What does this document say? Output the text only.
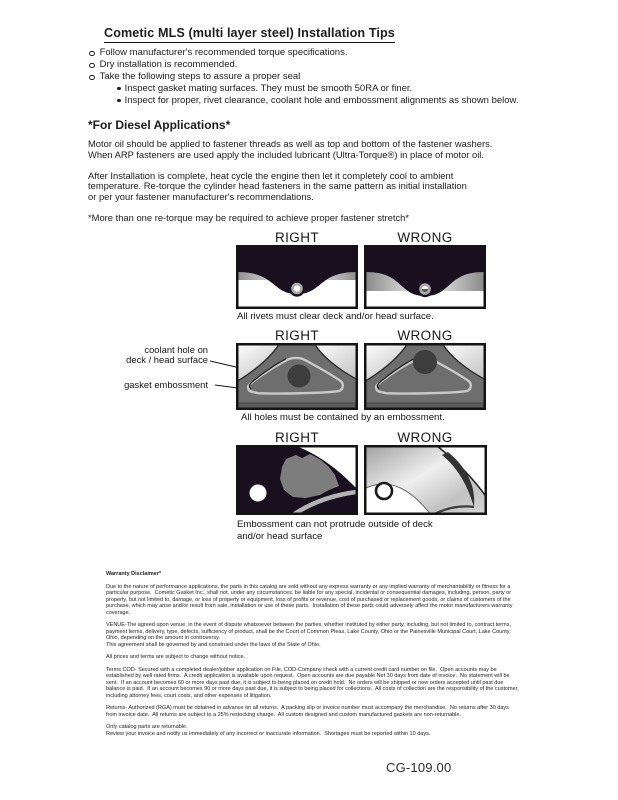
Cometic MLS (multi layer steel) Installation Tips
Follow manufacturer's recommended torque specifications.
Dry installation is recommended.
Take the following steps to assure a proper seal
Inspect gasket mating surfaces. They must be smooth 50RA or finer.
Inspect for proper, rivet clearance, coolant hole and embossment alignments as shown below.
*For Diesel Applications*
Motor oil should be applied to fastener threads as well as top and bottom of the fastener washers.
When ARP fasteners are used apply the included lubricant (Ultra-Torque®) in place of motor oil.
After Installation is complete, heat cycle the engine then let it completely cool to ambient
temperature. Re-torque the cylinder head fasteners in the same pattern as initial installation
or per your fastener manufacturer's recommendations.
*More than one re-torque may be required to achieve proper fastener stretch*
RIGHT	WRONG
All rivets must clear deck and/or head surface.
RIGHT	WRONG
coolant hole on
deck / head surface
gasket embossment
All holes must be contained by an embossment.
RIGHT	WRONG
Embossment can not protrude outside of deck
and/or head surface
Warranty Disclaimer*

Due to the nature of performance applications, the parts in this catalog are sold without any express warranty or any implied warranty of merchantability or fitness for a particular purpose.  Cometic Gasket Inc., shall not, under any circumstances, be liable for any special, incidental or consequential damages, including, person, party or property, but not limited to, damage, or loss of property or equipment, loss of profits or revenue, cost of purchased or replacement goods, or claims of customers of the purchase, which may arise and/or result from sale, installation or use of these parts.  Installation of these parts could adversely affect the motor manufacturers warranty coverage.

VENUE-The agreed upon venue, in the event of dispute whatsoever between the parties, whether instituted by either party, including, but not limited to, contract terms, payment terms, delivery, type, defects, sufficiency of product, shall be the Court of Common Pleas, Lake County, Ohio or the Painesville Municipal Court, Lake County, Ohio, depending on the amount in controversy.

This agreement shall be governed by and construed under the laws of the State of Ohio.

All prices and terms are subject to change without notice.

Terms COD- Secured with a completed dealer/jobber application on File, COD-Company check with a current credit card number on file.  Open accounts may be established by well rated firms.  A credit application is available upon request.  Open accounts are due payable Net 30 days from date of invoice.  No statement will be sent.  If an account becomes 60 or more days past due, it is subject to being placed on credit hold.  No orders will be shipped or new orders accepted until past due balance is paid.  If an account becomes 90 or more days past due, it is subject to being placed for collections.  All costs of collection are the responsibility of the customer, including attorney fees, court costs, and other expenses of litigation.

Returns- Authorized (RGA) must be obtained in advance on all returns.  A packing slip or invoice number must accompany the merchandise.  No returns after 30 days from invoice date.  All returns are subject to a 25% restocking charge.  All custom designed and custom manufactured gaskets are non-returnable.

Only catalog parts are returnable.

Review your invoice and notify us immediately of any incorrect or inaccurate information.  Shortages must be reported within 10 days.

CG-109.00
